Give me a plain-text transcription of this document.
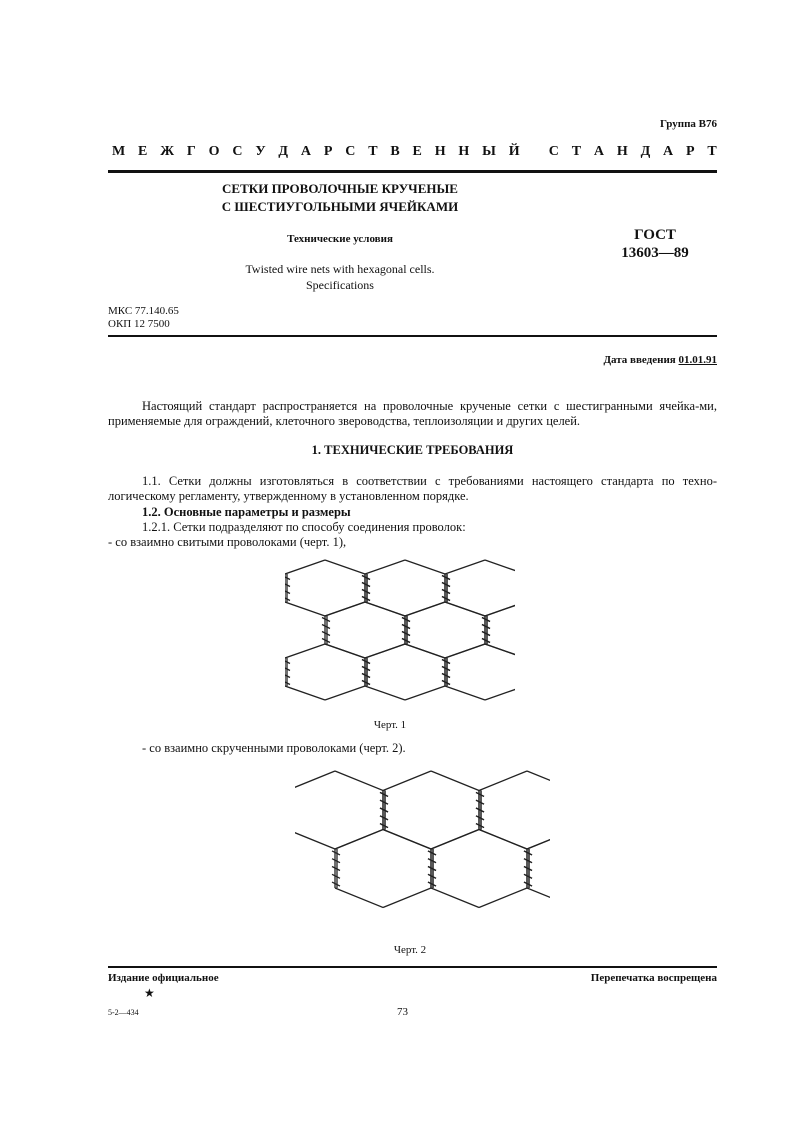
Группа В76
М Е Ж Г О С У Д А Р С Т В Е Н Н Ы Й
С Т А Н Д А Р Т
СЕТКИ ПРОВОЛОЧНЫЕ КРУЧЕНЫЕ
С ШЕСТИУГОЛЬНЫМИ ЯЧЕЙКАМИ
Технические условия
Twisted wire nets with hexagonal cells.
Specifications
ГОСТ
13603—89
МКС 77.140.65
ОКП 12 7500
Дата введения 01.01.91
Настоящий стандарт распространяется на проволочные крученые сетки с шестигранными ячейка-ми, применяемые для ограждений, клеточного звероводства, теплоизоляции и других целей.
1. ТЕХНИЧЕСКИЕ ТРЕБОВАНИЯ
1.1. Сетки должны изготовляться в соответствии с требованиями настоящего стандарта по техно-логическому регламенту, утвержденному в установленном порядке.
1.2. Основные параметры и размеры
1.2.1. Сетки подразделяют по способу соединения проволок:
- со взаимно свитыми проволоками (черт. 1),
Черт. 1
- со взаимно скрученными проволоками (черт. 2).
Черт. 2
Издание официальное
★
Перепечатка воспрещена
5-2—434	73
